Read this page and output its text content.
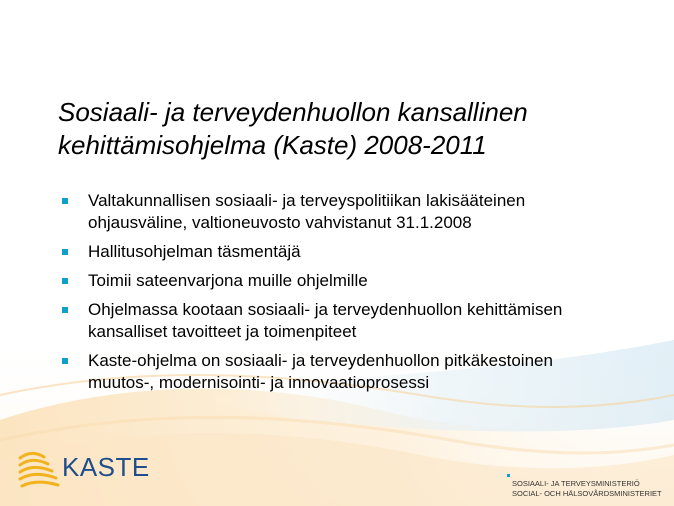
Sosiaali- ja terveydenhuollon kansallinen
kehittämisohjelma (Kaste) 2008-2011
Valtakunnallisen sosiaali- ja terveyspolitiikan lakisääteinen
ohjausväline, valtioneuvosto vahvistanut 31.1.2008
Hallitusohjelman täsmentäjä
Toimii sateenvarjona muille ohjelmille
Ohjelmassa kootaan sosiaali- ja terveydenhuollon kehittämisen
kansalliset tavoitteet ja toimenpiteet
Kaste-ohjelma on sosiaali- ja terveydenhuollon pitkäkestoinen
muutos-, modernisointi- ja innovaatioprosessi
KASTE
SOSIAALI- JA TERVEYSMINISTERIÖ
SOCIAL- OCH HÄLSOVÅRDSMINISTERIET
